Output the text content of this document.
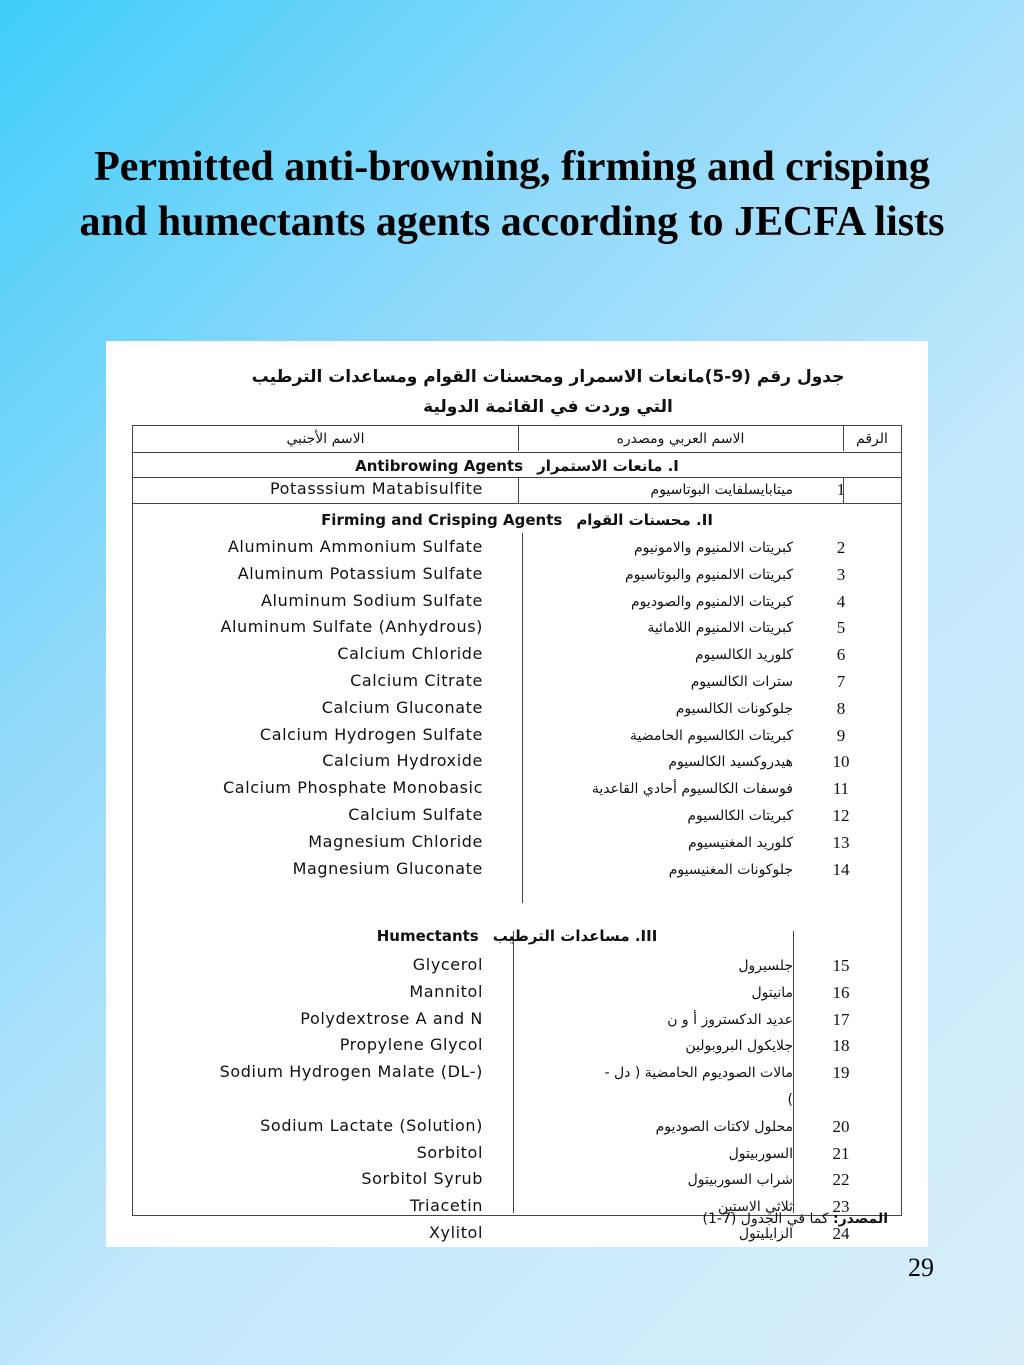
Permitted anti-browning, firming and crisping and humectants agents according to JECFA lists
جدول رقم (9-5)مانعات الاسمرار ومحسنات القوام ومساعدات الترطيب
التي وردت في القائمة الدولية
الاسم الأجنبي	الاسم العربي ومصدره	الرقم
Antibrowing Agents I. مانعات الاستمرار
Potasssium Matabisulfite	ميتابايسلفايت البوتاسيوم	1
Firming and Crisping Agents II. محسنات القوام
Aluminum Ammonium Sulfate	كبريتات الالمنيوم والامونيوم	2
Aluminum Potassium Sulfate	كبريتات الالمنيوم والبوتاسيوم	3
Aluminum Sodium Sulfate	كبريتات الالمنيوم والصوديوم	4
Aluminum Sulfate (Anhydrous)	كبريتات الالمنيوم اللامائية	5
Calcium Chloride	كلوريد الكالسيوم	6
Calcium Citrate	سترات الكالسيوم	7
Calcium Gluconate	جلوكونات الكالسيوم	8
Calcium Hydrogen Sulfate	كبريتات الكالسيوم الحامضية	9
Calcium Hydroxide	هيدروكسيد الكالسيوم	10
Calcium Phosphate Monobasic	فوسفات الكالسيوم أحادي القاعدية	11
Calcium Sulfate	كبريتات الكالسيوم	12
Magnesium Chloride	كلوريد المغنيسيوم	13
Magnesium Gluconate	جلوكونات المغنيسيوم	14
Humectants III. مساعدات الترطيب
Glycerol	جلسيرول	15
Mannitol	مانيتول	16
Polydextrose A and N	عديد الدكستروز أ و ن	17
Propylene Glycol	جلايكول البروبولين	18
Sodium Hydrogen Malate (DL-)	مالات الصوديوم الحامضية ( دل -	19
)
Sodium Lactate (Solution)	محلول لاكتات الصوديوم	20
Sorbitol	السوربيتول	21
Sorbitol Syrub	شراب السوربيتول	22
Triacetin	ثلاثي الاستين	23
Xylitol	الزايليتول	24
المصدر: كما في الجدول (7-1)
29
